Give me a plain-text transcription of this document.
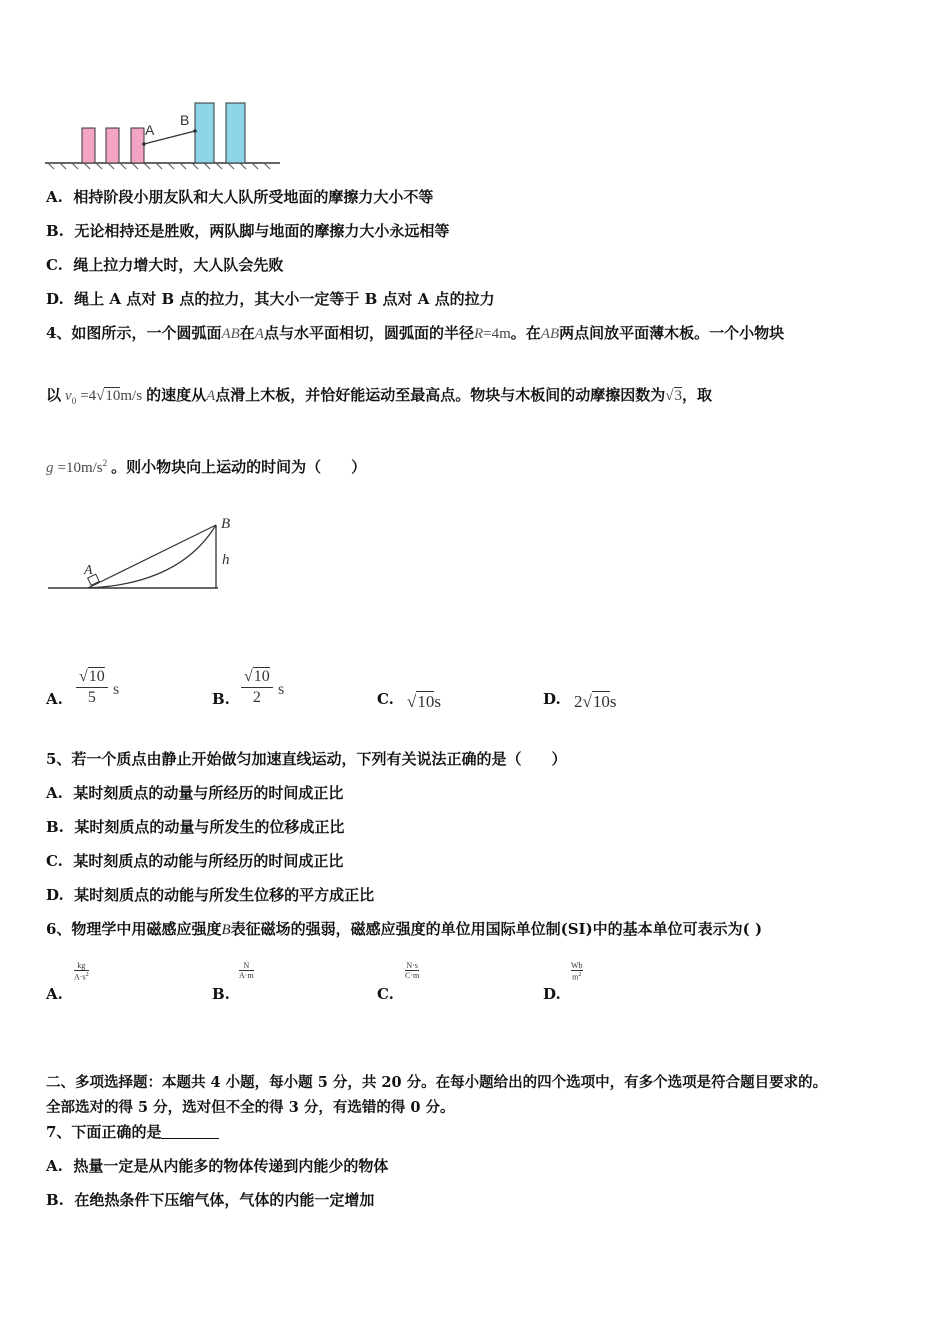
A
B
A. 相持阶段小朋友队和大人队所受地面的摩擦力大小不等
B. 无论相持还是胜败，两队脚与地面的摩擦力大小永远相等
C. 绳上拉力增大时，大人队会先败
D. 绳上 A 点对 B 点的拉力，其大小一定等于 B 点对 A 点的拉力
4、如图所示，一个圆弧面AB在A点与水平面相切，圆弧面的半径R=4m。在AB两点间放平面薄木板。一个小物块
以 $v_0 =4√10m/s$ 的速度从A点滑上木板，并恰好能运动至最高点。物块与木板间的动摩擦因数为√3，取
$g =10m/s^2$ 。则小物块向上运动的时间为（　　）
A
B
h
A.
√10
5	s
B.
√10
2	s
C. √10s	D. 2√10s
5、若一个质点由静止开始做匀加速直线运动，下列有关说法正确的是（　　）
A. 某时刻质点的动量与所经历的时间成正比
B. 某时刻质点的动量与所发生的位移成正比
C. 某时刻质点的动能与所经历的时间成正比
D. 某时刻质点的动能与所发生位移的平方成正比
6、物理学中用磁感应强度B表征磁场的强弱，磁感应强度的单位用国际单位制(SI)中的基本单位可表示为( )
A.
kg
$A\cdot s^2$
B.
N
A·m
C.
N·s
C·m
D.
Wb
$m^2$
二、多项选择题：本题共 4 小题，每小题 5 分，共 20 分。在每小题给出的四个选项中，有多个选项是符合题目要求的。
全部选对的得 5 分，选对但不全的得 3 分，有选错的得 0 分。
7、下面正确的是
A. 热量一定是从内能多的物体传递到内能少的物体
B. 在绝热条件下压缩气体，气体的内能一定增加
